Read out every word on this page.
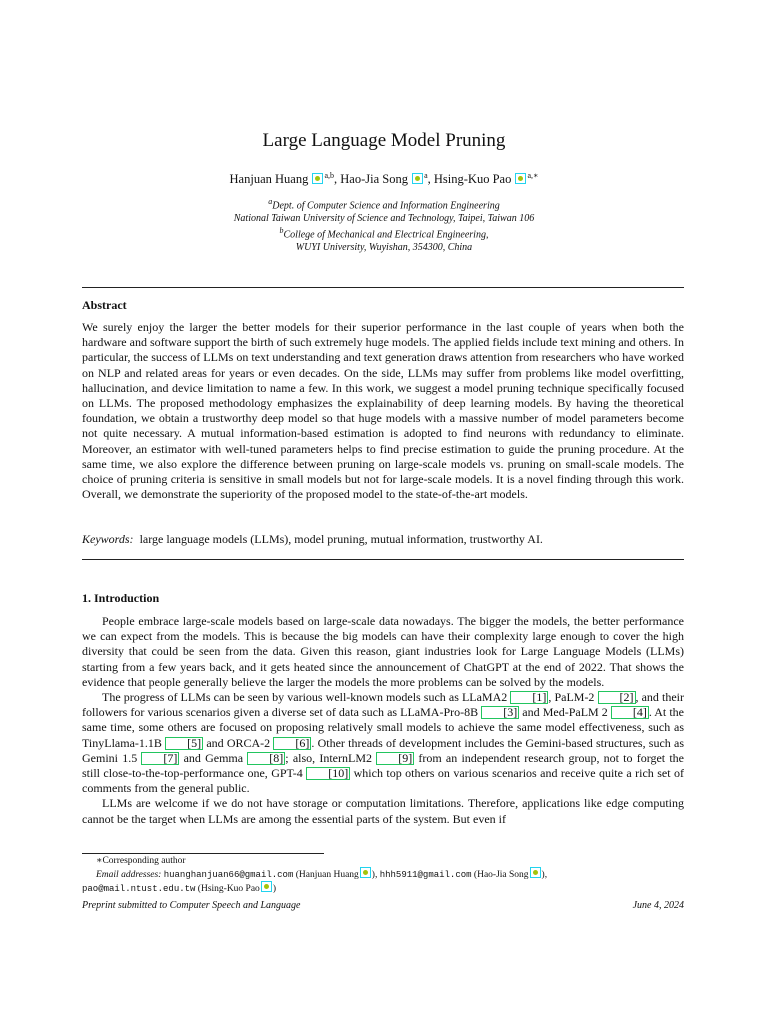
Large Language Model Pruning
Hanjuan Huang $^{a,b}$, Hao-Jia Song $^a$, Hsing-Kuo Pao $^{a,∗}$
$^a$Dept. of Computer Science and Information Engineering
National Taiwan University of Science and Technology, Taipei, Taiwan 106
$^b$College of Mechanical and Electrical Engineering,
WUYI University, Wuyishan, 354300, China
Abstract

We surely enjoy the larger the better models for their superior performance in the last couple of years when both the hardware and software support the birth of such extremely huge models. The applied fields include text mining and others. In particular, the success of LLMs on text understanding and text generation draws attention from researchers who have worked on NLP and related areas for years or even decades. On the side, LLMs may suffer from problems like model overfitting, hallucination, and device limitation to name a few. In this work, we suggest a model pruning technique specifically focused on LLMs. The proposed methodology emphasizes the explainability of deep learning models. By having the theoretical foundation, we obtain a trustworthy deep model so that huge models with a massive number of model parameters become not quite necessary. A mutual information-based estimation is adopted to find neurons with redundancy to eliminate. Moreover, an estimator with well-tuned parameters helps to find precise estimation to guide the pruning procedure. At the same time, we also explore the difference between pruning on large-scale models vs. pruning on small-scale models. The choice of pruning criteria is sensitive in small models but not for large-scale models. It is a novel finding through this work. Overall, we demonstrate the superiority of the proposed model to the state-of-the-art models.

Keywords: large language models (LLMs), model pruning, mutual information, trustworthy AI.
1. Introduction

People embrace large-scale models based on large-scale data nowadays. The bigger the models, the better performance we can expect from the models. This is because the big models can have their complexity large enough to cover the high diversity that could be seen from the data. Given this reason, giant industries look for Large Language Models (LLMs) starting from a few years back, and it gets heated since the announcement of ChatGPT at the end of 2022. That shows the evidence that people generally believe the larger the models the more problems can be solved by the models.

The progress of LLMs can be seen by various well-known models such as LLaMA2 [1] , PaLM-2 [2] , and their followers for various scenarios given a diverse set of data such as LLaMA-Pro-8B [3] and Med-PaLM 2 [4] . At the same time, some others are focused on proposing relatively small models to achieve the same model effectiveness, such as TinyLlama-1.1B [5] and ORCA-2 [6] . Other threads of development includes the Gemini-based structures, such as Gemini 1.5 [7] and Gemma [8] ; also, InternLM2 [9] from an independent research group, not to forget the still close-to-the-top-performance one, GPT-4 [10] which top others on various scenarios and receive quite a rich set of comments from the general public.

LLMs are welcome if we do not have storage or computation limitations. Therefore, applications like edge computing cannot be the target when LLMs are among the essential parts of the system. But even if

∗Corresponding author
Email addresses: huanghanjuan66@gmail.com (Hanjuan Huang ), hhh5911@gmail.com (Hao-Jia Song ),
pao@mail.ntust.edu.tw (Hsing-Kuo Pao )
Preprint submitted to Computer Speech and Language	June 4, 2024
